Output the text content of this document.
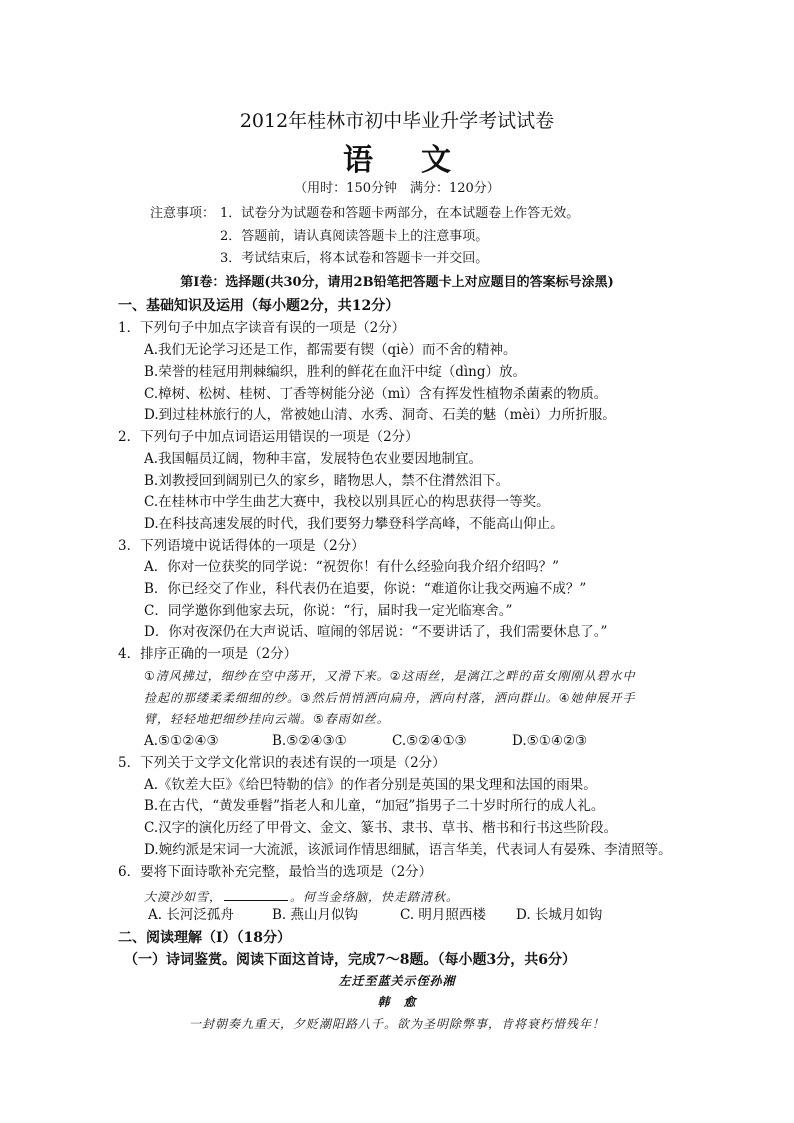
2012年桂林市初中毕业升学考试试卷
语文
（用时：150分钟　满分：120分）
注意事项： 1．试卷分为试题卷和答题卡两部分，在本试题卷上作答无效。
2．答题前，请认真阅读答题卡上的注意事项。
3．考试结束后，将本试卷和答题卡一并交回。
第Ⅰ卷：选择题(共30分，请用2B铅笔把答题卡上对应题目的答案标号涂黑)
一、基础知识及运用（每小题2分，共12分）
1．下列句子中加点字读音有误的一项是（2分）
A.我们无论学习还是工作，都需要有锲（qiè）而不舍的精神。
B.荣誉的桂冠用荆棘编织，胜利的鲜花在血汗中绽（dìng）放。
C.樟树、松树、桂树、丁香等树能分泌（mì）含有挥发性植物杀菌素的物质。
D.到过桂林旅行的人，常被她山清、水秀、洞奇、石美的魅（mèi）力所折服。
2．下列句子中加点词语运用错误的一项是（2分）
A.我国幅员辽阔，物种丰富，发展特色农业要因地制宜。
B.刘教授回到阔别已久的家乡，睹物思人，禁不住潸然泪下。
C.在桂林市中学生曲艺大赛中，我校以别具匠心的构思获得一等奖。
D.在科技高速发展的时代，我们要努力攀登科学高峰，不能高山仰止。
3．下列语境中说话得体的一项是（2分）
A．你对一位获奖的同学说：“祝贺你！有什么经验向我介绍介绍吗？”
B．你已经交了作业，科代表仍在追要，你说：“难道你让我交两遍不成？”
C．同学邀你到他家去玩，你说：“行，届时我一定光临寒舍。”
D．你对夜深仍在大声说话、喧闹的邻居说：“不要讲话了，我们需要休息了。”
4．排序正确的一项是（2分）
①清风拂过，细纱在空中荡开，又滑下来。②这雨丝，是漓江之畔的苗女刚刚从碧水中
捡起的那缕柔柔细细的纱。③然后悄悄洒向扁舟，洒向村落，洒向群山。④她伸展开手
臂，轻轻地把细纱挂向云端。⑤春雨如丝。
A.⑤①②④③	B.⑤②④③①	C.⑤②④①③	D.⑤①④②③
5．下列关于文学文化常识的表述有误的一项是（2分）
A.《钦差大臣》《给巴特勒的信》的作者分别是英国的果戈理和法国的雨果。
B.在古代，“黄发垂髫”指老人和儿童，“加冠”指男子二十岁时所行的成人礼。
C.汉字的演化历经了甲骨文、金文、篆书、隶书、草书、楷书和行书这些阶段。
D.婉约派是宋词一大流派，该派词作情思细腻，语言华美，代表词人有晏殊、李清照等。
6．要将下面诗歌补充完整，最恰当的选项是（2分）
大漠沙如雪，	。何当金络脑，快走踏清秋。
A. 长河泛孤舟	B. 燕山月似钩	C. 明月照西楼 D. 长城月如钩
二、阅读理解（Ⅰ）（18分）
（一）诗词鉴赏。阅读下面这首诗，完成7～8题。（每小题3分，共6分）
左迁至蓝关示侄孙湘
韩　愈
一封朝奏九重天，夕贬潮阳路八千。欲为圣明除弊事，肯将衰朽惜残年！
